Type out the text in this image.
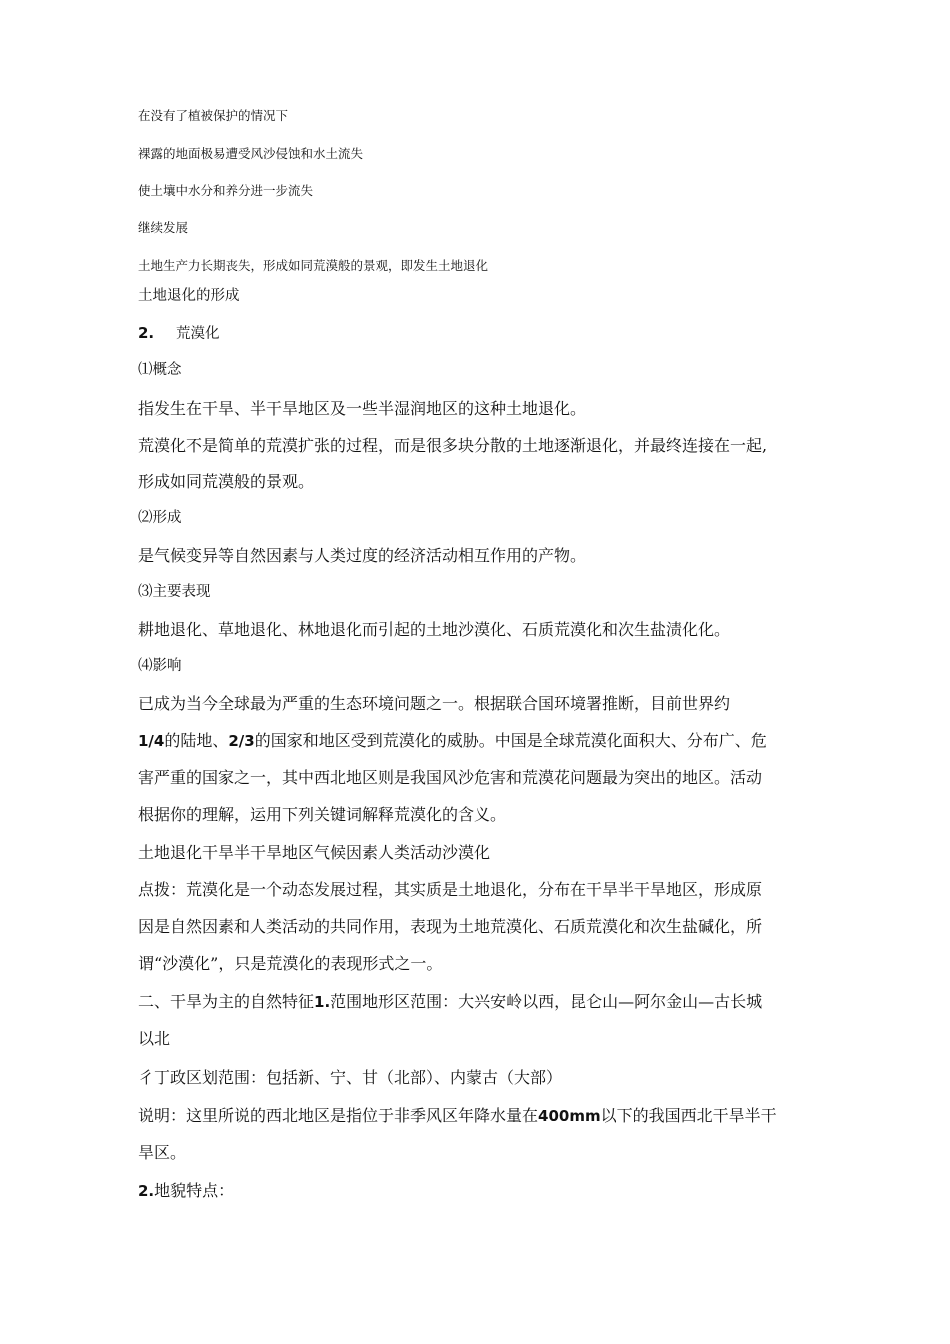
在没有了植被保护的情况下
裸露的地面极易遭受风沙侵蚀和水土流失
使土壤中水分和养分进一步流失
继续发展
土地生产力长期丧失，形成如同荒漠般的景观，即发生土地退化
土地退化的形成
2. 荒漠化
⑴概念
指发生在干旱、半干旱地区及一些半湿润地区的这种土地退化。
荒漠化不是简单的荒漠扩张的过程，而是很多块分散的土地逐渐退化，并最终连接在一起,
形成如同荒漠般的景观。
⑵形成
是气候变异等自然因素与人类过度的经济活动相互作用的产物。
⑶主要表现
耕地退化、草地退化、林地退化而引起的土地沙漠化、石质荒漠化和次生盐渍化化。
⑷影响
已成为当今全球最为严重的生态环境问题之一。根据联合国环境署推断，目前世界约
1/4的陆地、2/3的国家和地区受到荒漠化的威胁。中国是全球荒漠化面积大、分布广、危
害严重的国家之一，其中西北地区则是我国风沙危害和荒漠花问题最为突出的地区。活动
根据你的理解，运用下列关键词解释荒漠化的含义。
土地退化干旱半干旱地区气候因素人类活动沙漠化
点拨：荒漠化是一个动态发展过程，其实质是土地退化，分布在干旱半干旱地区，形成原
因是自然因素和人类活动的共同作用，表现为土地荒漠化、石质荒漠化和次生盐碱化，所
谓“沙漠化”，只是荒漠化的表现形式之一。
二、干旱为主的自然特征1.范围地形区范围：大兴安岭以西，昆仑山—阿尔金山—古长城
以北
彳丁政区划范围：包括新、宁、甘（北部）、内蒙古（大部）
说明：这里所说的西北地区是指位于非季风区年降水量在400mm以下的我国西北干旱半干
旱区。
2.地貌特点：
